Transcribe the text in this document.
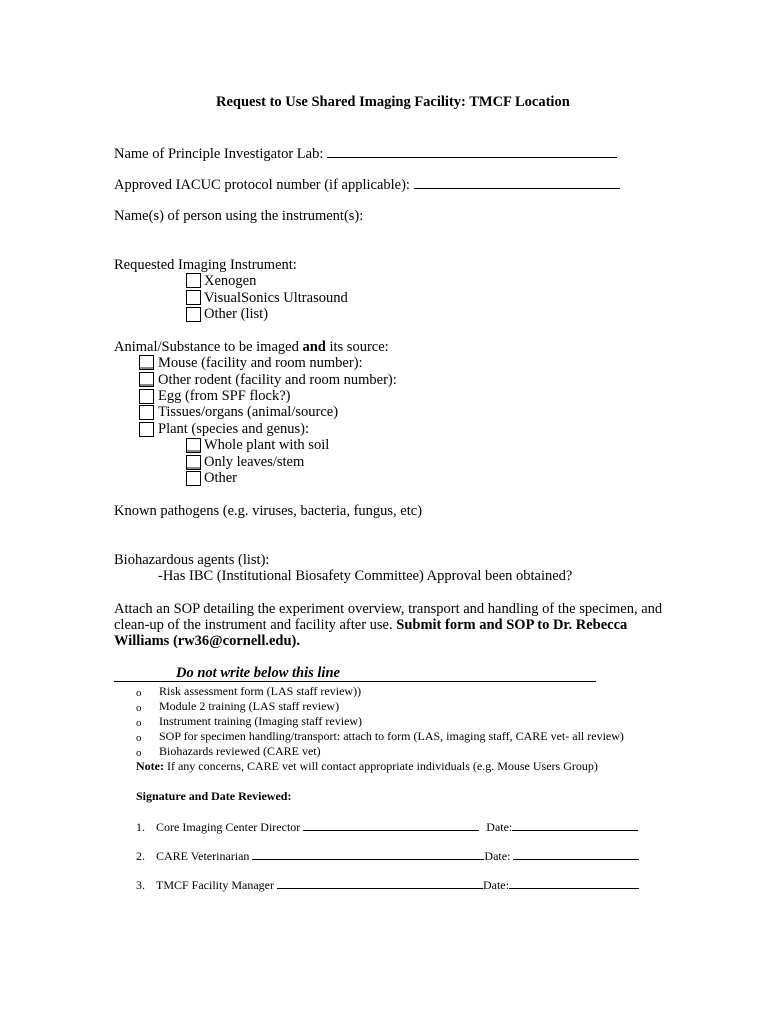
Request to Use Shared Imaging Facility: TMCF Location
Name of Principle Investigator Lab:
Approved IACUC protocol number (if applicable):
Name(s) of person using the instrument(s):
Requested Imaging Instrument:
Xenogen
VisualSonics Ultrasound
Other (list)
Animal/Substance to be imaged and its source:
Mouse (facility and room number):
Other rodent (facility and room number):
Egg (from SPF flock?)
Tissues/organs (animal/source)
Plant (species and genus):
Whole plant with soil
Only leaves/stem
Other
Known pathogens (e.g. viruses, bacteria, fungus, etc)
Biohazardous agents (list):
-Has IBC (Institutional Biosafety Committee) Approval been obtained?
Attach an SOP detailing the experiment overview, transport and handling of the specimen, and
clean-up of the instrument and facility after use. Submit form and SOP to Dr. Rebecca
Williams (rw36@cornell.edu).
Do not write below this line
o Risk assessment form (LAS staff review))
o Module 2 training (LAS staff review)
o Instrument training (Imaging staff review)
o SOP for specimen handling/transport: attach to form (LAS, imaging staff, CARE vet- all review)
o Biohazards reviewed (CARE vet)
Note: If any concerns, CARE vet will contact appropriate individuals (e.g. Mouse Users Group)
Signature and Date Reviewed:
1. Core Imaging Center Director	Date:
2. CARE Veterinarian	Date:
3. TMCF Facility Manager	Date:
